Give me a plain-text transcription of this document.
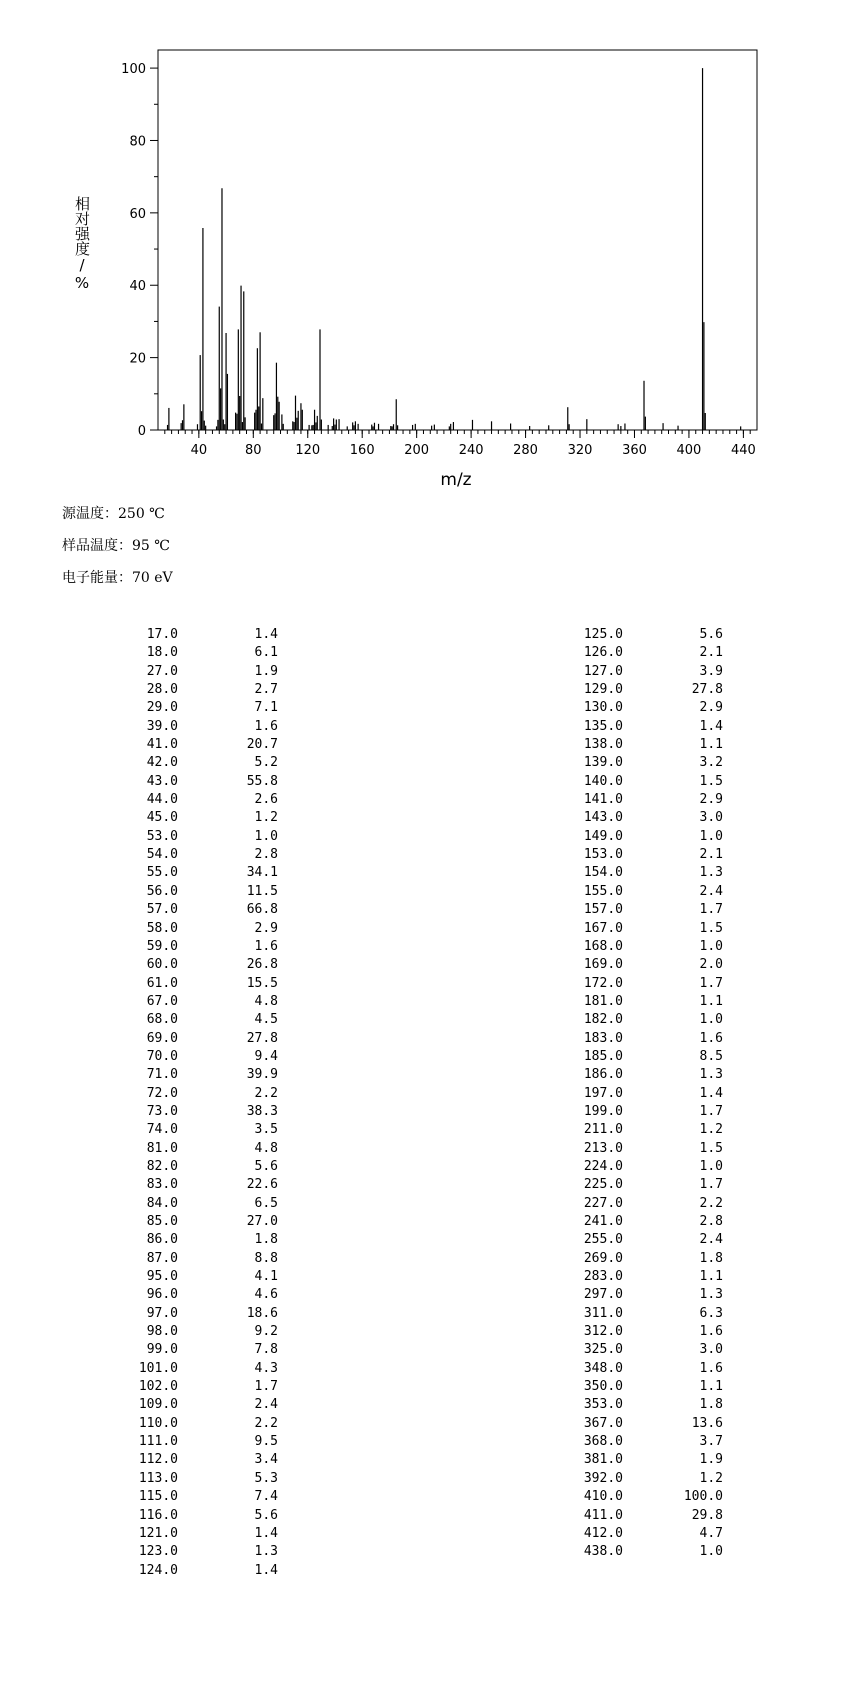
40	80	120 160 200 240 280 320 360 400 440
0
20
40
60
80
100
m/z
相对强度/%
源温度：250 ℃
样品温度：95 ℃
电子能量：70 eV
17.0	1.4
18.0	6.1
27.0	1.9
28.0	2.7
29.0	7.1
39.0	1.6
41.0	20.7
42.0	5.2
43.0	55.8
44.0	2.6
45.0	1.2
53.0	1.0
54.0	2.8
55.0	34.1
56.0	11.5
57.0	66.8
58.0	2.9
59.0	1.6
60.0	26.8
61.0	15.5
67.0	4.8
68.0	4.5
69.0	27.8
70.0	9.4
71.0	39.9
72.0	2.2
73.0	38.3
74.0	3.5
81.0	4.8
82.0	5.6
83.0	22.6
84.0	6.5
85.0	27.0
86.0	1.8
87.0	8.8
95.0	4.1
96.0	4.6
97.0	18.6
98.0	9.2
99.0	7.8
101.0	4.3
102.0	1.7
109.0	2.4
110.0	2.2
111.0	9.5
112.0	3.4
113.0	5.3
115.0	7.4
116.0	5.6
121.0	1.4
123.0	1.3
124.0	1.4
125.0	5.6
126.0	2.1
127.0	3.9
129.0	27.8
130.0	2.9
135.0	1.4
138.0	1.1
139.0	3.2
140.0	1.5
141.0	2.9
143.0	3.0
149.0	1.0
153.0	2.1
154.0	1.3
155.0	2.4
157.0	1.7
167.0	1.5
168.0	1.0
169.0	2.0
172.0	1.7
181.0	1.1
182.0	1.0
183.0	1.6
185.0	8.5
186.0	1.3
197.0	1.4
199.0	1.7
211.0	1.2
213.0	1.5
224.0	1.0
225.0	1.7
227.0	2.2
241.0	2.8
255.0	2.4
269.0	1.8
283.0	1.1
297.0	1.3
311.0	6.3
312.0	1.6
325.0	3.0
348.0	1.6
350.0	1.1
353.0	1.8
367.0	13.6
368.0	3.7
381.0	1.9
392.0	1.2
410.0	100.0
411.0	29.8
412.0	4.7
438.0	1.0
